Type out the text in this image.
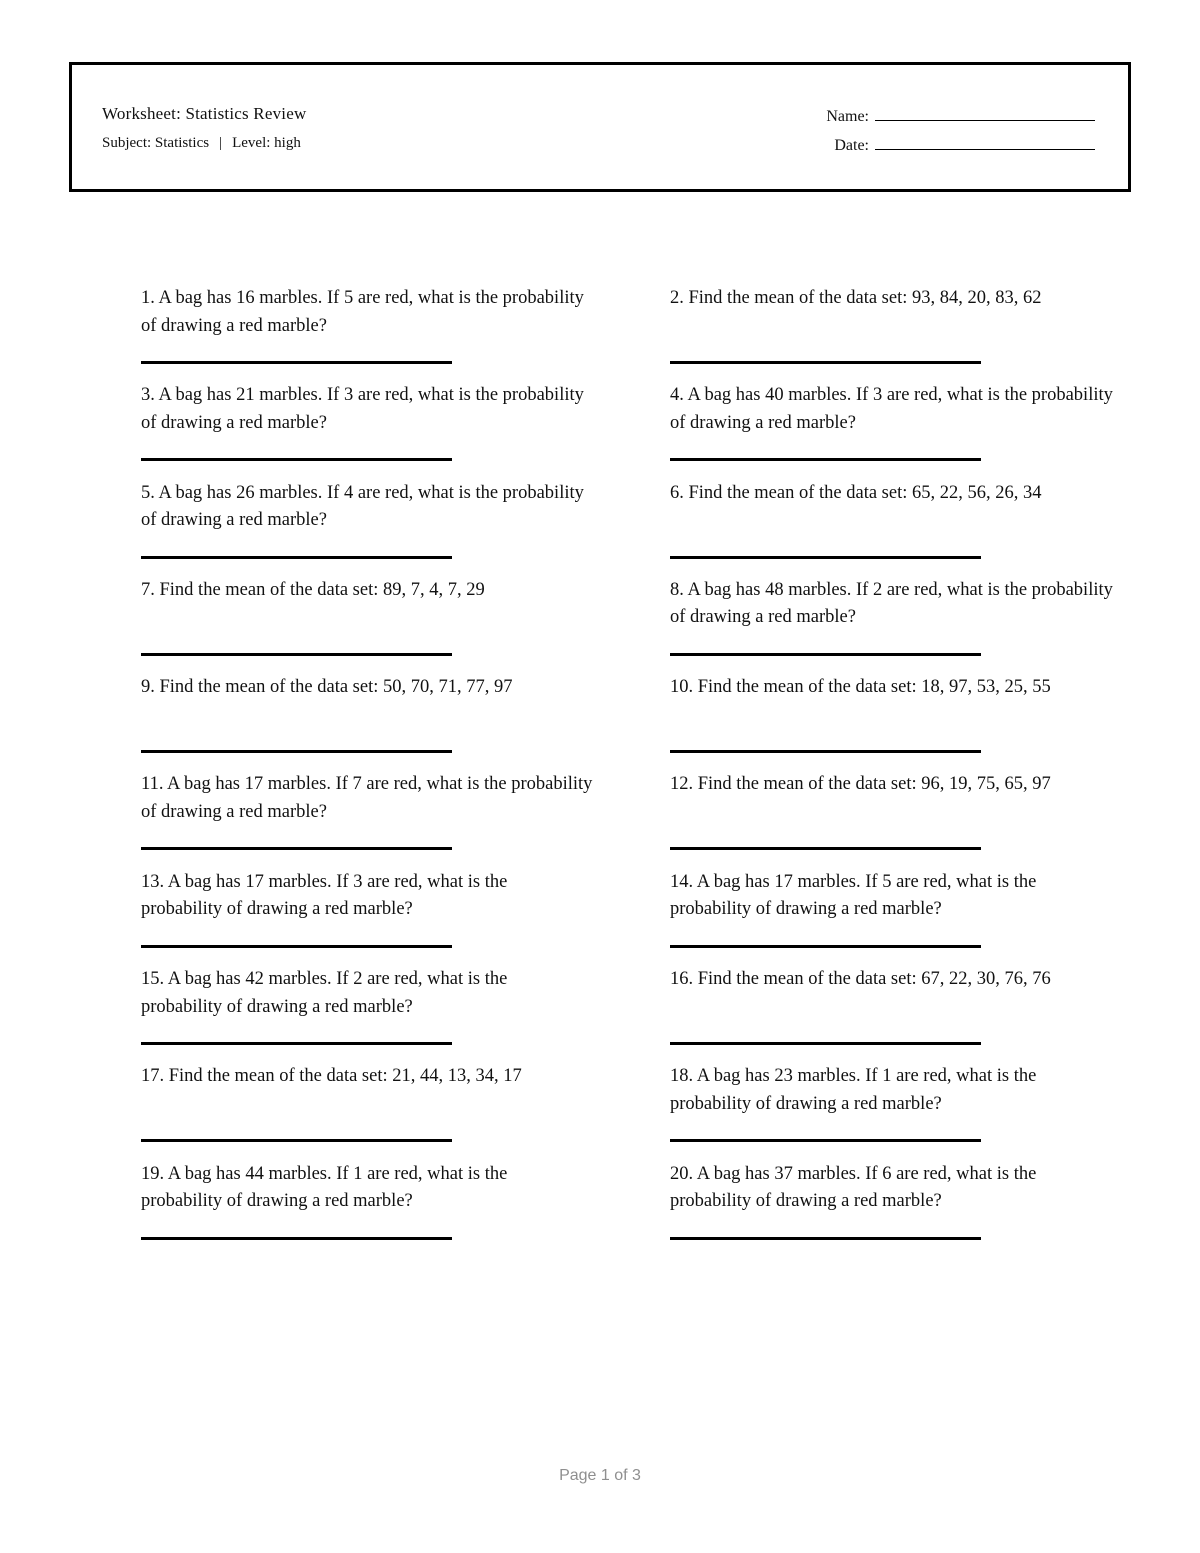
Worksheet: Statistics Review
Subject: Statistics | Level: high
Name:
Date:

1. A bag has 16 marbles. If 5 are red, what is the probability of drawing a red marble?

2. Find the mean of the data set: 93, 84, 20, 83, 62

3. A bag has 21 marbles. If 3 are red, what is the probability of drawing a red marble?

4. A bag has 40 marbles. If 3 are red, what is the probability of drawing a red marble?

5. A bag has 26 marbles. If 4 are red, what is the probability of drawing a red marble?

6. Find the mean of the data set: 65, 22, 56, 26, 34

7. Find the mean of the data set: 89, 7, 4, 7, 29	8. A bag has 48 marbles. If 2 are red, what is the probability of drawing a red marble?

9. Find the mean of the data set: 50, 70, 71, 77, 97	10. Find the mean of the data set: 18, 97, 53, 25, 55

11. A bag has 17 marbles. If 7 are red, what is the probability of drawing a red marble?

12. Find the mean of the data set: 96, 19, 75, 65, 97

13. A bag has 17 marbles. If 3 are red, what is the probability of drawing a red marble?

14. A bag has 17 marbles. If 5 are red, what is the probability of drawing a red marble?

15. A bag has 42 marbles. If 2 are red, what is the probability of drawing a red marble?

16. Find the mean of the data set: 67, 22, 30, 76, 76

17. Find the mean of the data set: 21, 44, 13, 34, 17	18. A bag has 23 marbles. If 1 are red, what is the probability of drawing a red marble?

19. A bag has 44 marbles. If 1 are red, what is the probability of drawing a red marble?

20. A bag has 37 marbles. If 6 are red, what is the probability of drawing a red marble?

Page 1 of 3
